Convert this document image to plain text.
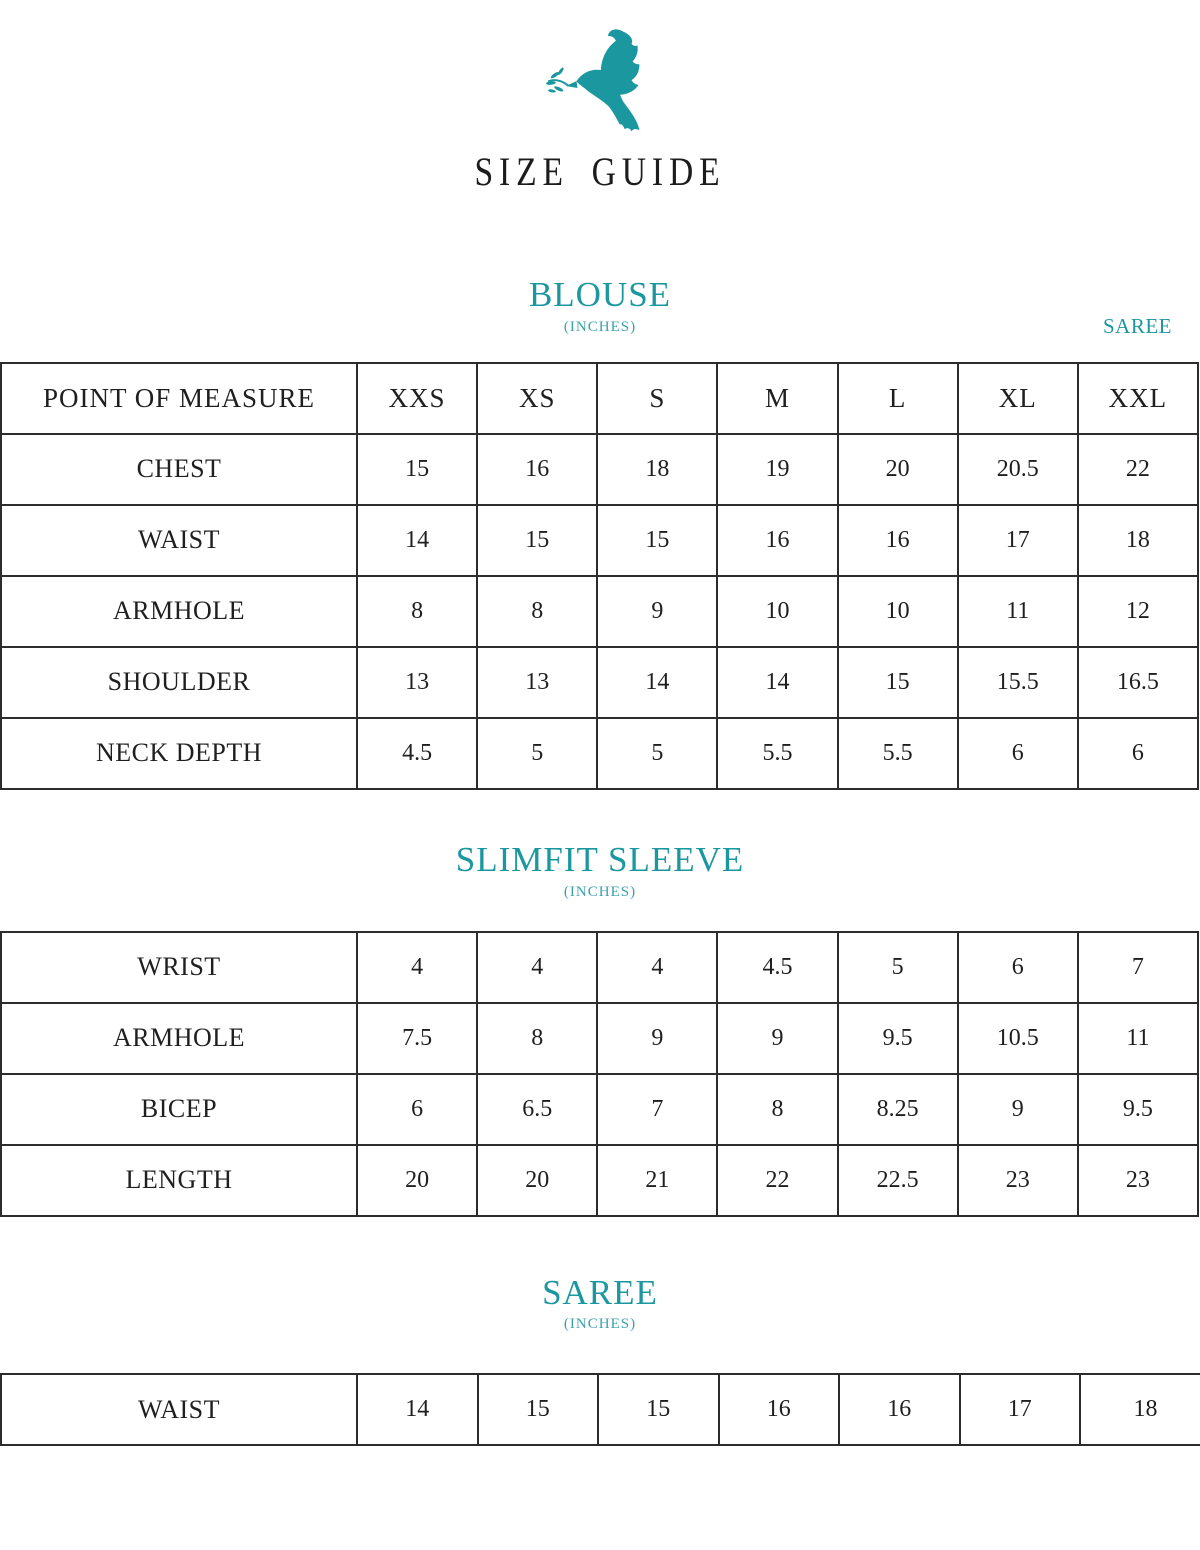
SIZE GUIDE
BLOUSE
(INCHES)	SAREE
POINT OF MEASURE	XXS	XS	S	M	L	XL	XXL
CHEST	15	16	18	19	20	20.5	22
WAIST	14	15	15	16	16	17	18
ARMHOLE	8	8	9	10	10	11	12
SHOULDER	13	13	14	14	15	15.5	16.5
NECK DEPTH	4.5	5	5	5.5	5.5	6	6
SLIMFIT SLEEVE
(INCHES)
WRIST	4	4	4	4.5	5	6	7
ARMHOLE	7.5	8	9	9	9.5	10.5	11
BICEP	6	6.5	7	8	8.25	9	9.5
LENGTH	20	20	21	22	22.5	23	23
SAREE
(INCHES)
WAIST	14	15	15	16	16	17	18
